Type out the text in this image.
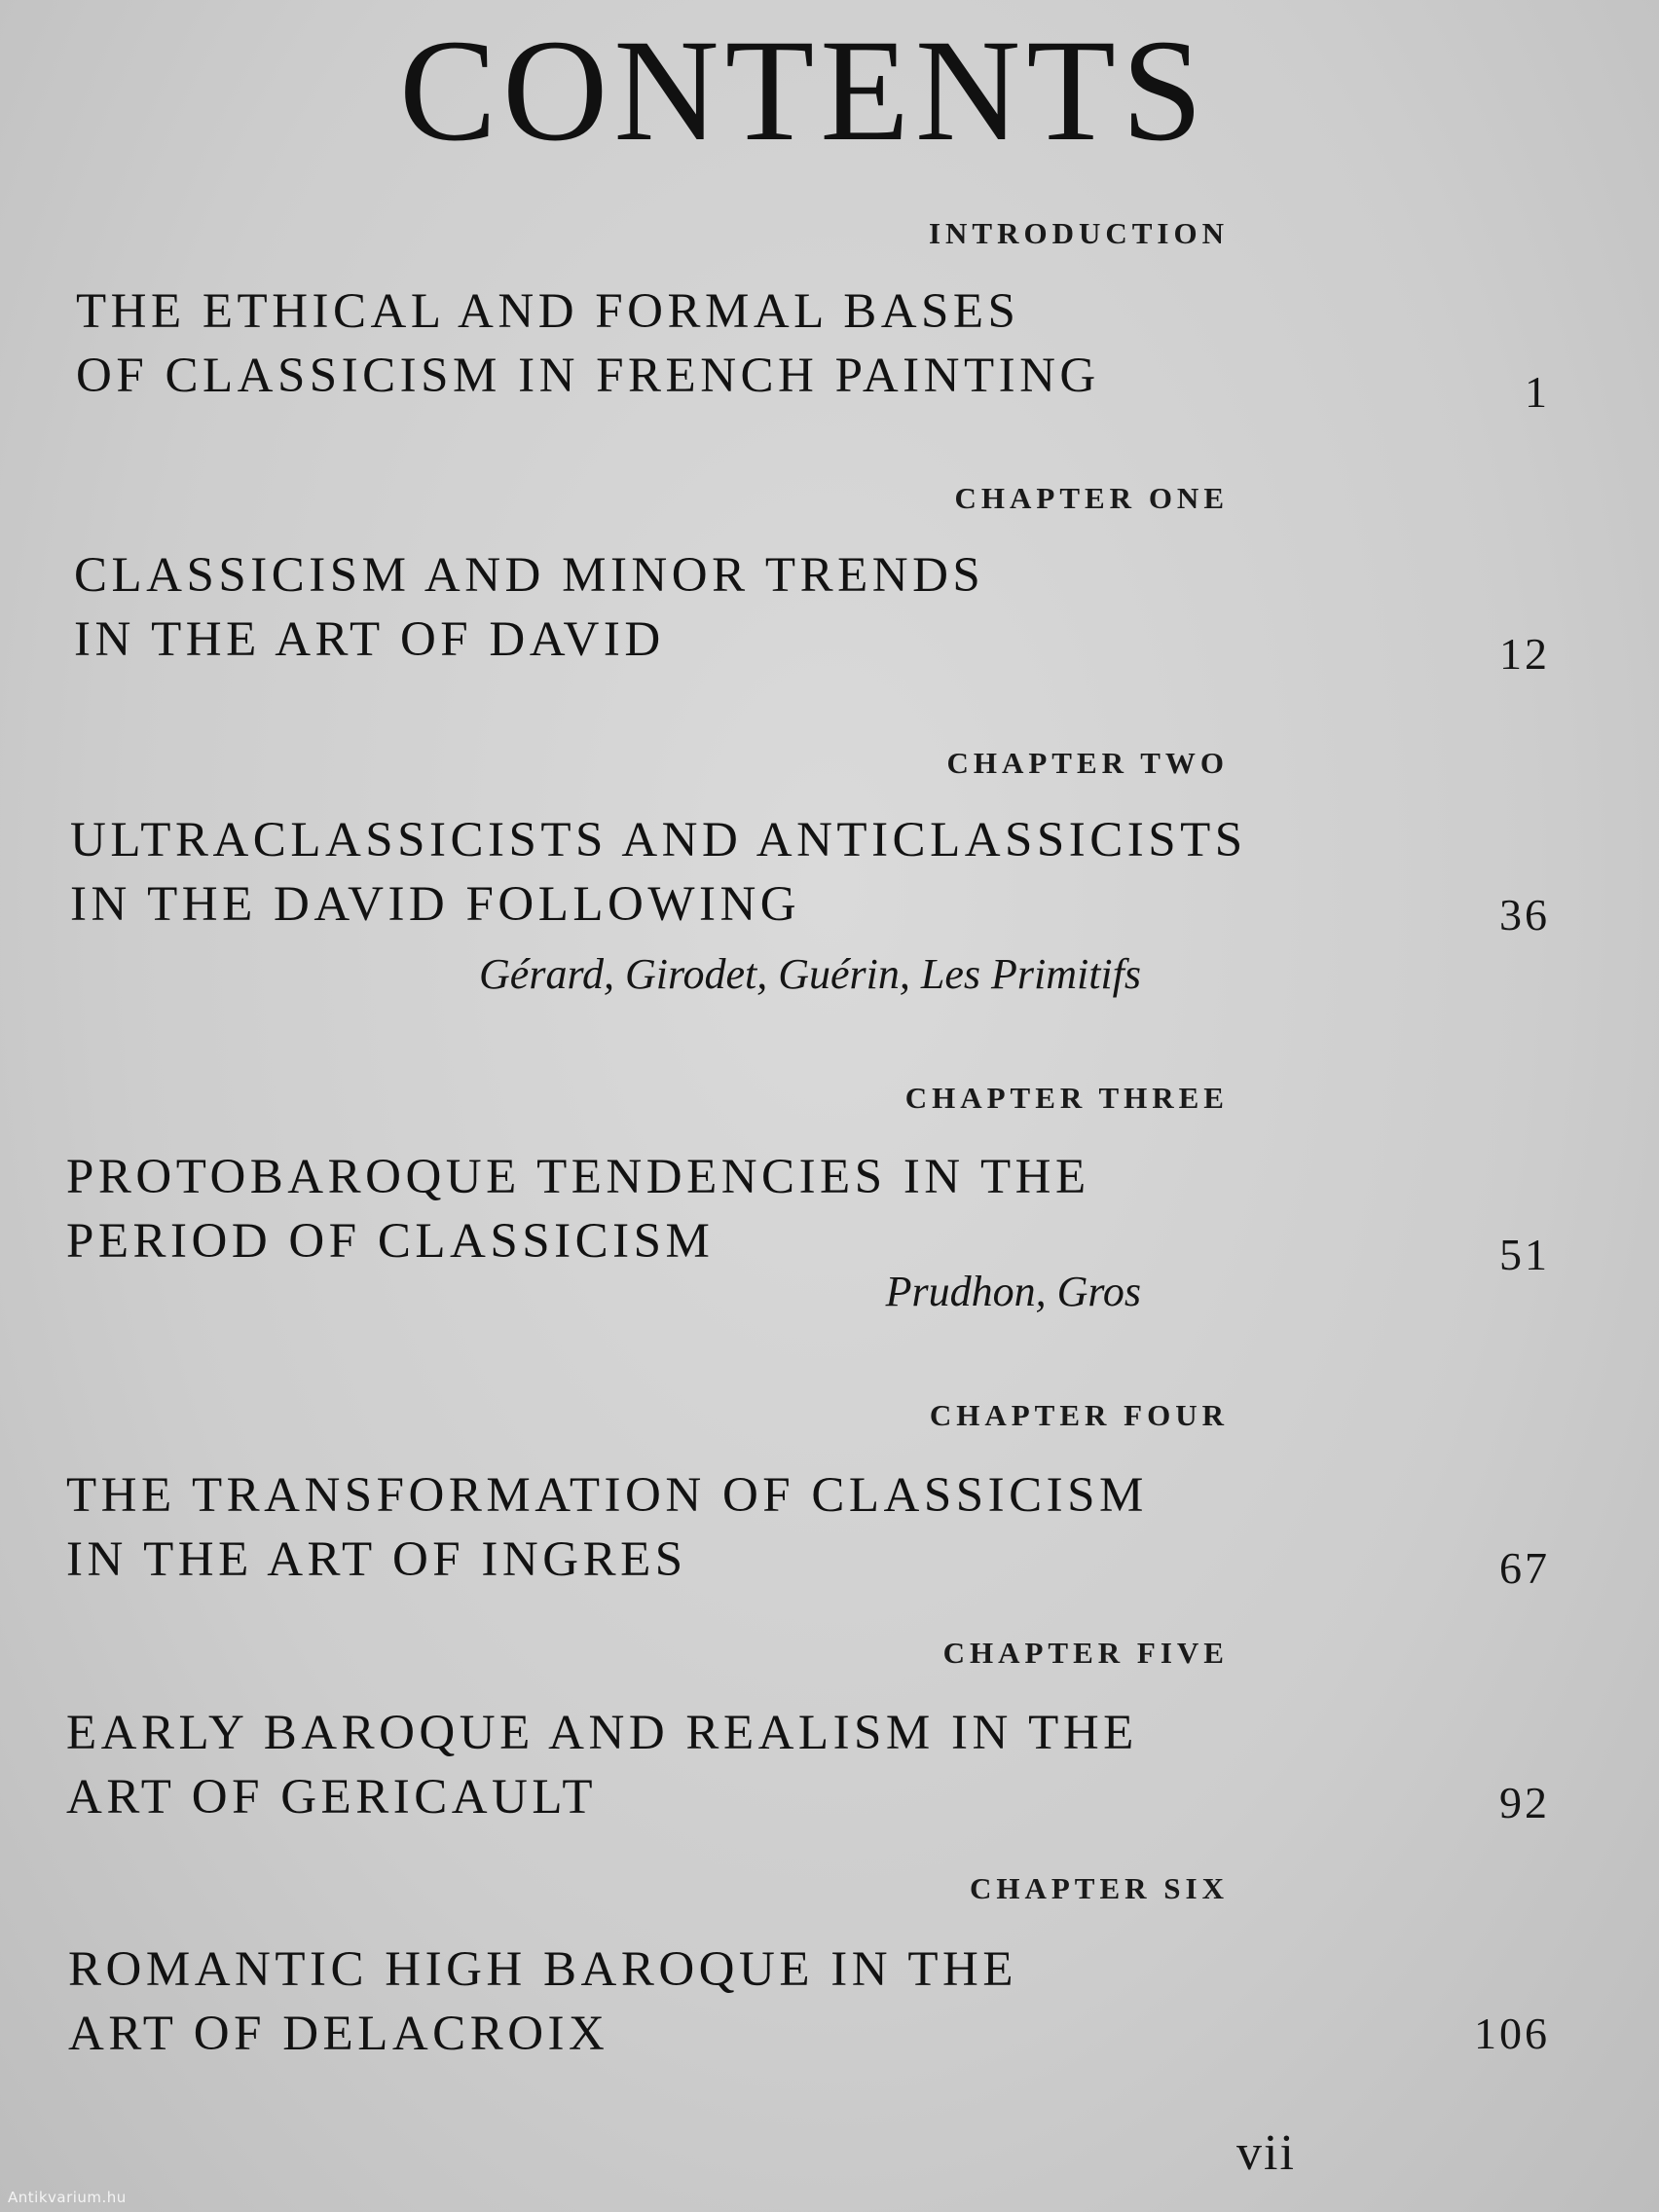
CONTENTS
INTRODUCTION
THE ETHICAL AND FORMAL BASES
OF CLASSICISM IN FRENCH PAINTING	1
CHAPTER ONE
CLASSICISM AND MINOR TRENDS
IN THE ART OF DAVID	12
CHAPTER TWO
ULTRACLASSICISTS AND ANTICLASSICISTS
IN THE DAVID FOLLOWING
Gérard, Girodet, Guérin, Les Primitifs
36
CHAPTER THREE
PROTOBAROQUE TENDENCIES IN THE
PERIOD OF CLASSICISM
Prudhon, Gros
51
CHAPTER FOUR
THE TRANSFORMATION OF CLASSICISM
IN THE ART OF INGRES	67
CHAPTER FIVE
EARLY BAROQUE AND REALISM IN THE
ART OF GERICAULT	92
CHAPTER SIX
ROMANTIC HIGH BAROQUE IN THE
ART OF DELACROIX	106
vii
Antikvarium.hu
